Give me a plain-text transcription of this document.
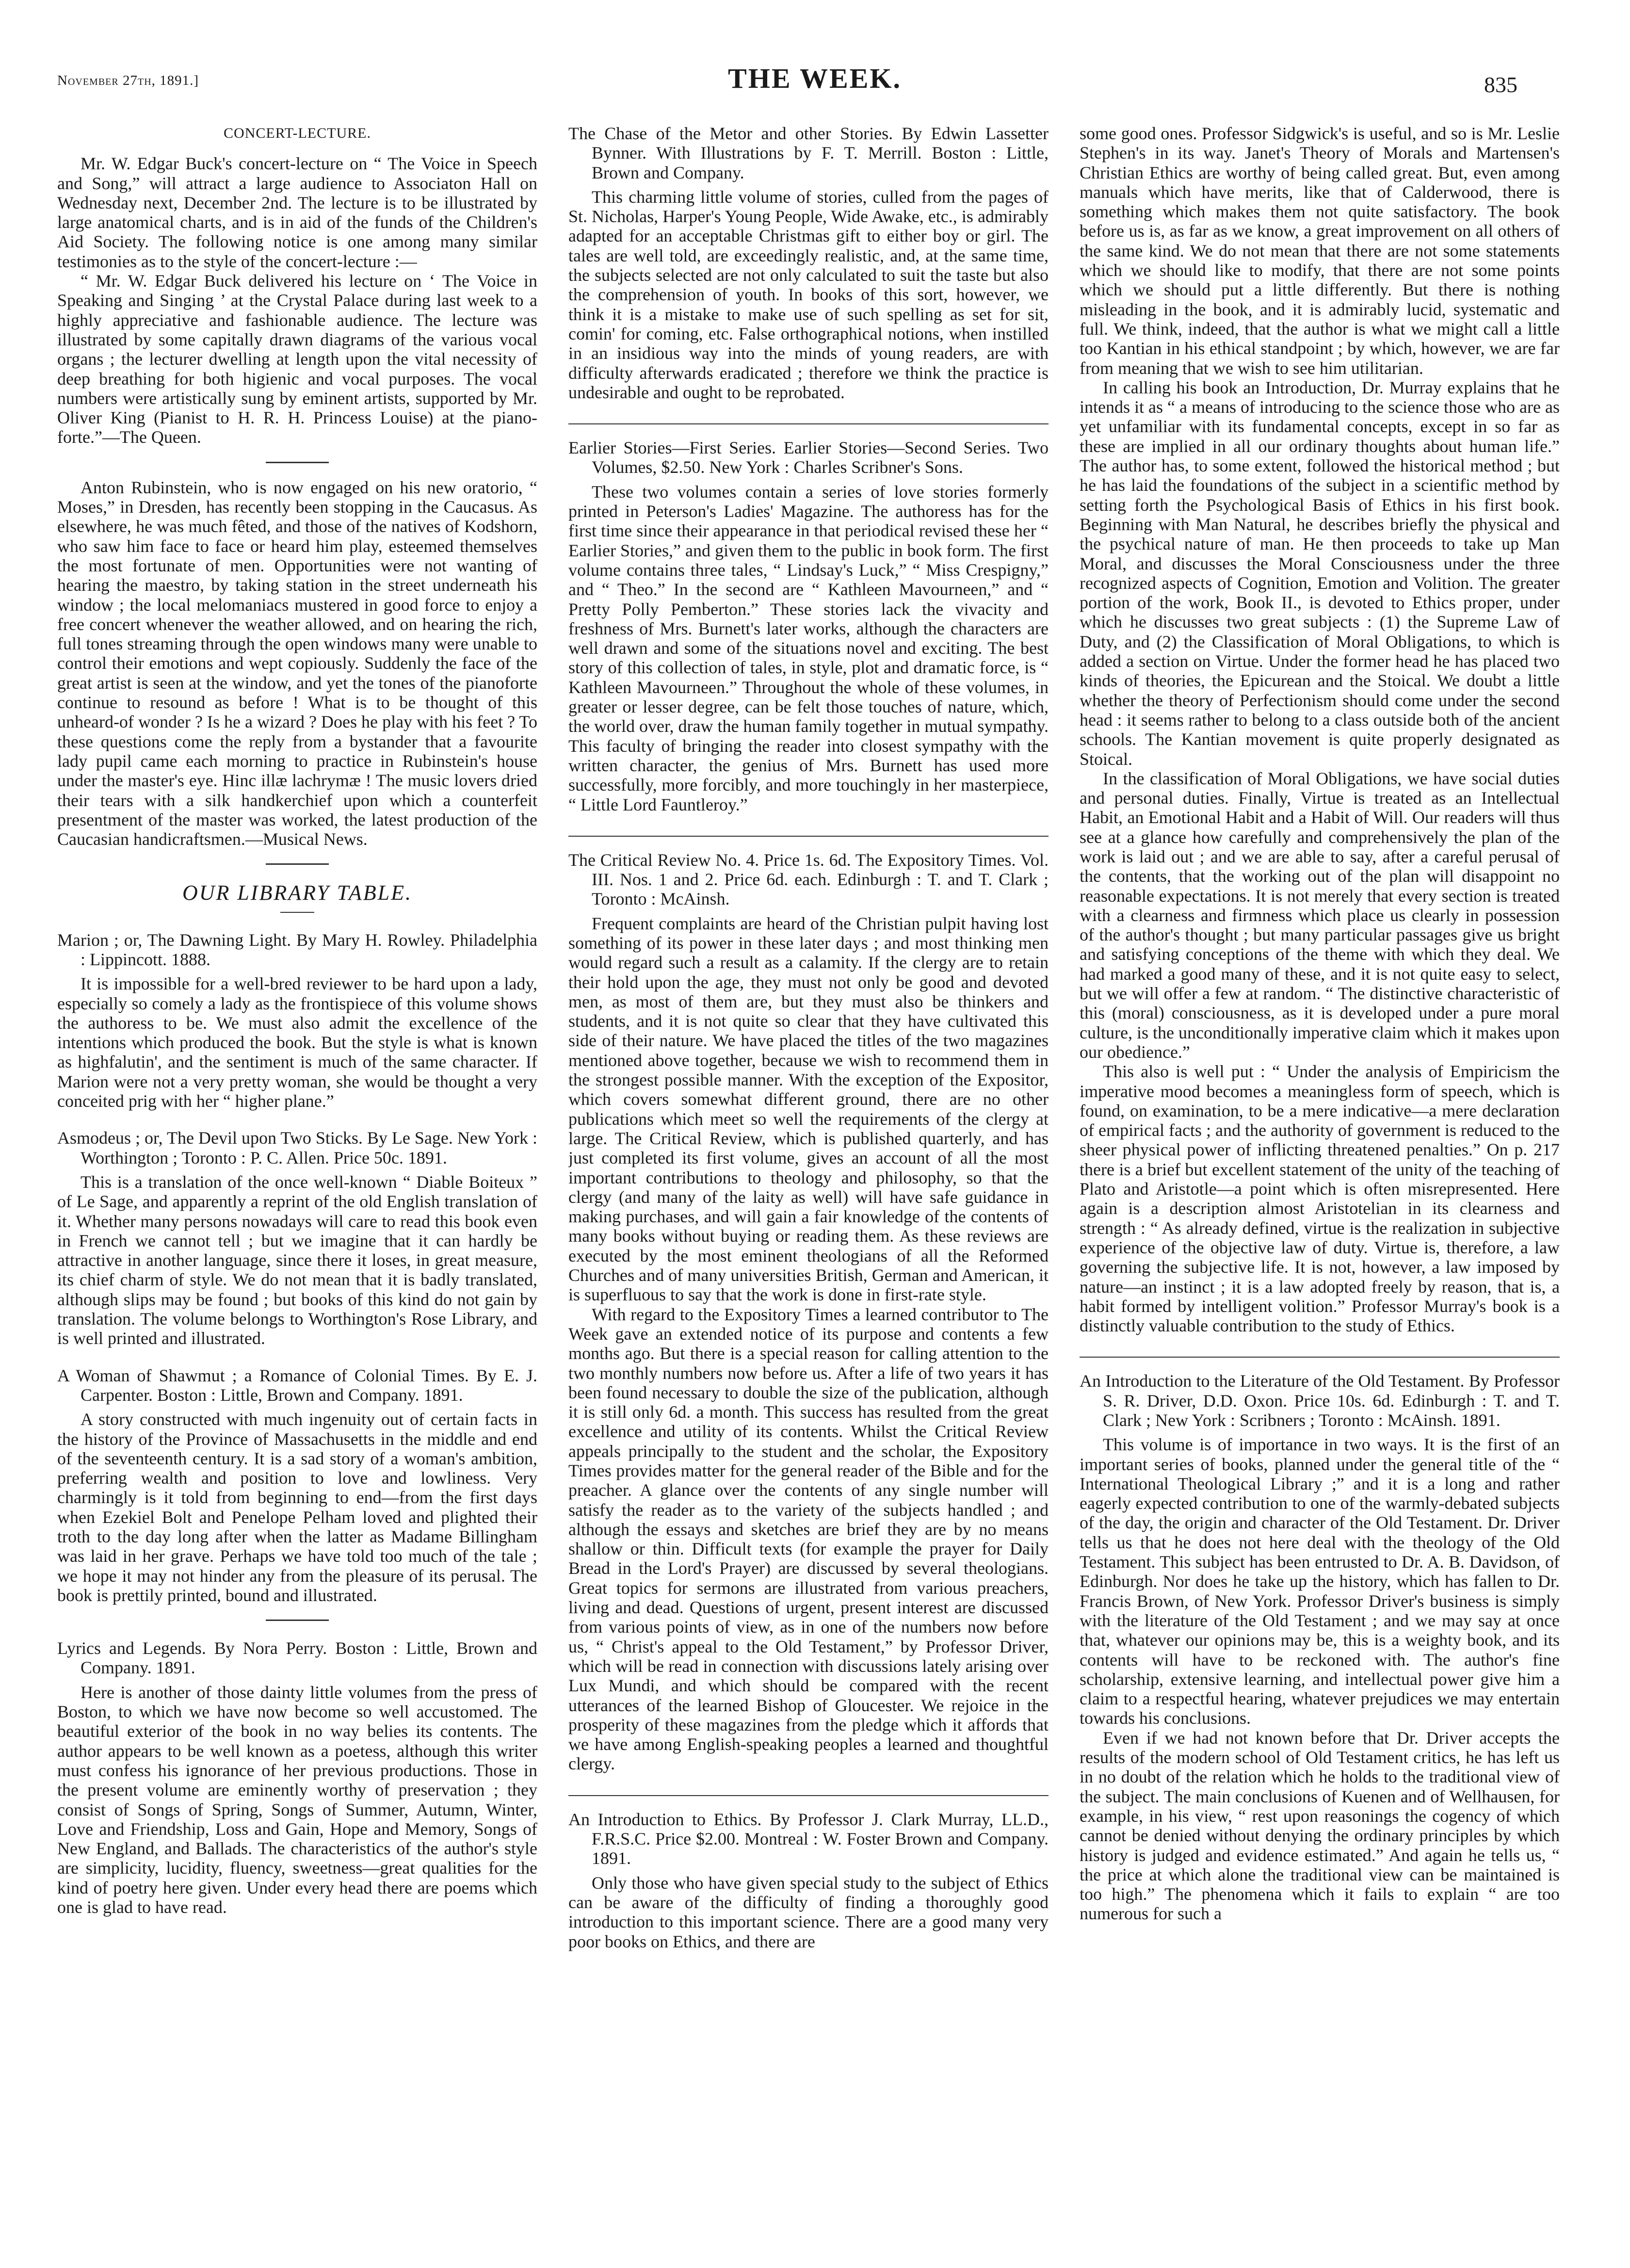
November 27th, 1891.]	THE WEEK.	835
CONCERT-LECTURE.

Mr. W. Edgar Buck's concert-lecture on “ The Voice in Speech and Song,” will attract a large audience to Associaton Hall on Wednesday next, December 2nd. The lecture is to be illustrated by large anatomical charts, and is in aid of the funds of the Children's Aid Society. The following notice is one among many similar testimonies as to the style of the concert-lecture :—

“ Mr. W. Edgar Buck delivered his lecture on ‘ The Voice in Speaking and Singing ’ at the Crystal Palace during last week to a highly appreciative and fashionable audience. The lecture was illustrated by some capitally drawn diagrams of the various vocal organs ; the lecturer dwelling at length upon the vital necessity of deep breathing for both higienic and vocal purposes. The vocal numbers were artistically sung by eminent artists, supported by Mr. Oliver King (Pianist to H. R. H. Princess Louise) at the piano-forte.”—The Queen.

Anton Rubinstein, who is now engaged on his new oratorio, “ Moses,” in Dresden, has recently been stopping in the Caucasus. As elsewhere, he was much fêted, and those of the natives of Kodshorn, who saw him face to face or heard him play, esteemed themselves the most fortunate of men. Opportunities were not wanting of hearing the maestro, by taking station in the street underneath his window ; the local melomaniacs mustered in good force to enjoy a free concert whenever the weather allowed, and on hearing the rich, full tones streaming through the open windows many were unable to control their emotions and wept copiously. Suddenly the face of the great artist is seen at the window, and yet the tones of the pianoforte continue to resound as before ! What is to be thought of this unheard-of wonder ? Is he a wizard ? Does he play with his feet ? To these questions come the reply from a bystander that a favourite lady pupil came each morning to practice in Rubinstein's house under the master's eye. Hinc illæ lachrymæ ! The music lovers dried their tears with a silk handkerchief upon which a counterfeit presentment of the master was worked, the latest production of the Caucasian handicraftsmen.—Musical News.

OUR LIBRARY TABLE.
Marion ; or, The Dawning Light. By Mary H. Rowley. Philadelphia : Lippincott. 1888.

It is impossible for a well-bred reviewer to be hard upon a lady, especially so comely a lady as the frontispiece of this volume shows the authoress to be. We must also admit the excellence of the intentions which produced the book. But the style is what is known as highfalutin', and the sentiment is much of the same character. If Marion were not a very pretty woman, she would be thought a very conceited prig with her “ higher plane.”

Asmodeus ; or, The Devil upon Two Sticks. By Le Sage. New York : Worthington ; Toronto : P. C. Allen. Price 50c. 1891.

This is a translation of the once well-known “ Diable Boiteux ” of Le Sage, and apparently a reprint of the old English translation of it. Whether many persons nowadays will care to read this book even in French we cannot tell ; but we imagine that it can hardly be attractive in another language, since there it loses, in great measure, its chief charm of style. We do not mean that it is badly translated, although slips may be found ; but books of this kind do not gain by translation. The volume belongs to Worthington's Rose Library, and is well printed and illustrated.

A Woman of Shawmut ; a Romance of Colonial Times. By E. J. Carpenter. Boston : Little, Brown and Company. 1891.

A story constructed with much ingenuity out of certain facts in the history of the Province of Massachusetts in the middle and end of the seventeenth century. It is a sad story of a woman's ambition, preferring wealth and position to love and lowliness. Very charmingly is it told from beginning to end—from the first days when Ezekiel Bolt and Penelope Pelham loved and plighted their troth to the day long after when the latter as Madame Billingham was laid in her grave. Perhaps we have told too much of the tale ; we hope it may not hinder any from the pleasure of its perusal. The book is prettily printed, bound and illustrated.

Lyrics and Legends. By Nora Perry. Boston : Little, Brown and Company. 1891.

Here is another of those dainty little volumes from the press of Boston, to which we have now become so well accustomed. The beautiful exterior of the book in no way belies its contents. The author appears to be well known as a poetess, although this writer must confess his ignorance of her previous productions. Those in the present volume are eminently worthy of preservation ; they consist of Songs of Spring, Songs of Summer, Autumn, Winter, Love and Friendship, Loss and Gain, Hope and Memory, Songs of New England, and Ballads. The characteristics of the author's style are simplicity, lucidity, fluency, sweetness—great qualities for the kind of poetry here given. Under every head there are poems which one is glad to have read.

The Chase of the Metor and other Stories. By Edwin Lassetter Bynner. With Illustrations by F. T. Merrill. Boston : Little, Brown and Company.

This charming little volume of stories, culled from the pages of St. Nicholas, Harper's Young People, Wide Awake, etc., is admirably adapted for an acceptable Christmas gift to either boy or girl. The tales are well told, are exceedingly realistic, and, at the same time, the subjects selected are not only calculated to suit the taste but also the comprehension of youth. In books of this sort, however, we think it is a mistake to make use of such spelling as set for sit, comin' for coming, etc. False orthographical notions, when instilled in an insidious way into the minds of young readers, are with difficulty afterwards eradicated ; therefore we think the practice is undesirable and ought to be reprobated.

Earlier Stories—First Series. Earlier Stories—Second Series. Two Volumes, $2.50. New York : Charles Scribner's Sons.

These two volumes contain a series of love stories formerly printed in Peterson's Ladies' Magazine. The authoress has for the first time since their appearance in that periodical revised these her “ Earlier Stories,” and given them to the public in book form. The first volume contains three tales, “ Lindsay's Luck,” “ Miss Crespigny,” and “ Theo.” In the second are “ Kathleen Mavourneen,” and “ Pretty Polly Pemberton.” These stories lack the vivacity and freshness of Mrs. Burnett's later works, although the characters are well drawn and some of the situations novel and exciting. The best story of this collection of tales, in style, plot and dramatic force, is “ Kathleen Mavourneen.” Throughout the whole of these volumes, in greater or lesser degree, can be felt those touches of nature, which, the world over, draw the human family together in mutual sympathy. This faculty of bringing the reader into closest sympathy with the written character, the genius of Mrs. Burnett has used more successfully, more forcibly, and more touchingly in her masterpiece, “ Little Lord Fauntleroy.”

The Critical Review No. 4. Price 1s. 6d. The Expository Times. Vol. III. Nos. 1 and 2. Price 6d. each. Edinburgh : T. and T. Clark ; Toronto : McAinsh.

Frequent complaints are heard of the Christian pulpit having lost something of its power in these later days ; and most thinking men would regard such a result as a calamity. If the clergy are to retain their hold upon the age, they must not only be good and devoted men, as most of them are, but they must also be thinkers and students, and it is not quite so clear that they have cultivated this side of their nature. We have placed the titles of the two magazines mentioned above together, because we wish to recommend them in the strongest possible manner. With the exception of the Expositor, which covers somewhat different ground, there are no other publications which meet so well the requirements of the clergy at large. The Critical Review, which is published quarterly, and has just completed its first volume, gives an account of all the most important contributions to theology and philosophy, so that the clergy (and many of the laity as well) will have safe guidance in making purchases, and will gain a fair knowledge of the contents of many books without buying or reading them. As these reviews are executed by the most eminent theologians of all the Reformed Churches and of many universities British, German and American, it is superfluous to say that the work is done in first-rate style.

With regard to the Expository Times a learned contributor to The Week gave an extended notice of its purpose and contents a few months ago. But there is a special reason for calling attention to the two monthly numbers now before us. After a life of two years it has been found necessary to double the size of the publication, although it is still only 6d. a month. This success has resulted from the great excellence and utility of its contents. Whilst the Critical Review appeals principally to the student and the scholar, the Expository Times provides matter for the general reader of the Bible and for the preacher. A glance over the contents of any single number will satisfy the reader as to the variety of the subjects handled ; and although the essays and sketches are brief they are by no means shallow or thin. Difficult texts (for example the prayer for Daily Bread in the Lord's Prayer) are discussed by several theologians. Great topics for sermons are illustrated from various preachers, living and dead. Questions of urgent, present interest are discussed from various points of view, as in one of the numbers now before us, “ Christ's appeal to the Old Testament,” by Professor Driver, which will be read in connection with discussions lately arising over Lux Mundi, and which should be compared with the recent utterances of the learned Bishop of Gloucester. We rejoice in the prosperity of these magazines from the pledge which it affords that we have among English-speaking peoples a learned and thoughtful clergy.

An Introduction to Ethics. By Professor J. Clark Murray, LL.D., F.R.S.C. Price $2.00. Montreal : W. Foster Brown and Company. 1891.

Only those who have given special study to the subject of Ethics can be aware of the difficulty of finding a thoroughly good introduction to this important science. There are a good many very poor books on Ethics, and there are

some good ones. Professor Sidgwick's is useful, and so is Mr. Leslie Stephen's in its way. Janet's Theory of Morals and Martensen's Christian Ethics are worthy of being called great. But, even among manuals which have merits, like that of Calderwood, there is something which makes them not quite satisfactory. The book before us is, as far as we know, a great improvement on all others of the same kind. We do not mean that there are not some statements which we should like to modify, that there are not some points which we should put a little differently. But there is nothing misleading in the book, and it is admirably lucid, systematic and full. We think, indeed, that the author is what we might call a little too Kantian in his ethical standpoint ; by which, however, we are far from meaning that we wish to see him utilitarian.

In calling his book an Introduction, Dr. Murray explains that he intends it as “ a means of introducing to the science those who are as yet unfamiliar with its fundamental concepts, except in so far as these are implied in all our ordinary thoughts about human life.” The author has, to some extent, followed the historical method ; but he has laid the foundations of the subject in a scientific method by setting forth the Psychological Basis of Ethics in his first book. Beginning with Man Natural, he describes briefly the physical and the psychical nature of man. He then proceeds to take up Man Moral, and discusses the Moral Consciousness under the three recognized aspects of Cognition, Emotion and Volition. The greater portion of the work, Book II., is devoted to Ethics proper, under which he discusses two great subjects : (1) the Supreme Law of Duty, and (2) the Classification of Moral Obligations, to which is added a section on Virtue. Under the former head he has placed two kinds of theories, the Epicurean and the Stoical. We doubt a little whether the theory of Perfectionism should come under the second head : it seems rather to belong to a class outside both of the ancient schools. The Kantian movement is quite properly designated as Stoical.

In the classification of Moral Obligations, we have social duties and personal duties. Finally, Virtue is treated as an Intellectual Habit, an Emotional Habit and a Habit of Will. Our readers will thus see at a glance how carefully and comprehensively the plan of the work is laid out ; and we are able to say, after a careful perusal of the contents, that the working out of the plan will disappoint no reasonable expectations. It is not merely that every section is treated with a clearness and firmness which place us clearly in possession of the author's thought ; but many particular passages give us bright and satisfying conceptions of the theme with which they deal. We had marked a good many of these, and it is not quite easy to select, but we will offer a few at random. “ The distinctive characteristic of this (moral) consciousness, as it is developed under a pure moral culture, is the unconditionally imperative claim which it makes upon our obedience.”

This also is well put : “ Under the analysis of Empiricism the imperative mood becomes a meaningless form of speech, which is found, on examination, to be a mere indicative—a mere declaration of empirical facts ; and the authority of government is reduced to the sheer physical power of inflicting threatened penalties.” On p. 217 there is a brief but excellent statement of the unity of the teaching of Plato and Aristotle—a point which is often misrepresented. Here again is a description almost Aristotelian in its clearness and strength : “ As already defined, virtue is the realization in subjective experience of the objective law of duty. Virtue is, therefore, a law governing the subjective life. It is not, however, a law imposed by nature—an instinct ; it is a law adopted freely by reason, that is, a habit formed by intelligent volition.” Professor Murray's book is a distinctly valuable contribution to the study of Ethics.

An Introduction to the Literature of the Old Testament. By Professor S. R. Driver, D.D. Oxon. Price 10s. 6d. Edinburgh : T. and T. Clark ; New York : Scribners ; Toronto : McAinsh. 1891.

This volume is of importance in two ways. It is the first of an important series of books, planned under the general title of the “ International Theological Library ;” and it is a long and rather eagerly expected contribution to one of the warmly-debated subjects of the day, the origin and character of the Old Testament. Dr. Driver tells us that he does not here deal with the theology of the Old Testament. This subject has been entrusted to Dr. A. B. Davidson, of Edinburgh. Nor does he take up the history, which has fallen to Dr. Francis Brown, of New York. Professor Driver's business is simply with the literature of the Old Testament ; and we may say at once that, whatever our opinions may be, this is a weighty book, and its contents will have to be reckoned with. The author's fine scholarship, extensive learning, and intellectual power give him a claim to a respectful hearing, whatever prejudices we may entertain towards his conclusions.

Even if we had not known before that Dr. Driver accepts the results of the modern school of Old Testament critics, he has left us in no doubt of the relation which he holds to the traditional view of the subject. The main conclusions of Kuenen and of Wellhausen, for example, in his view, “ rest upon reasonings the cogency of which cannot be denied without denying the ordinary principles by which history is judged and evidence estimated.” And again he tells us, “ the price at which alone the traditional view can be maintained is too high.” The phenomena which it fails to explain “ are too numerous for such a
